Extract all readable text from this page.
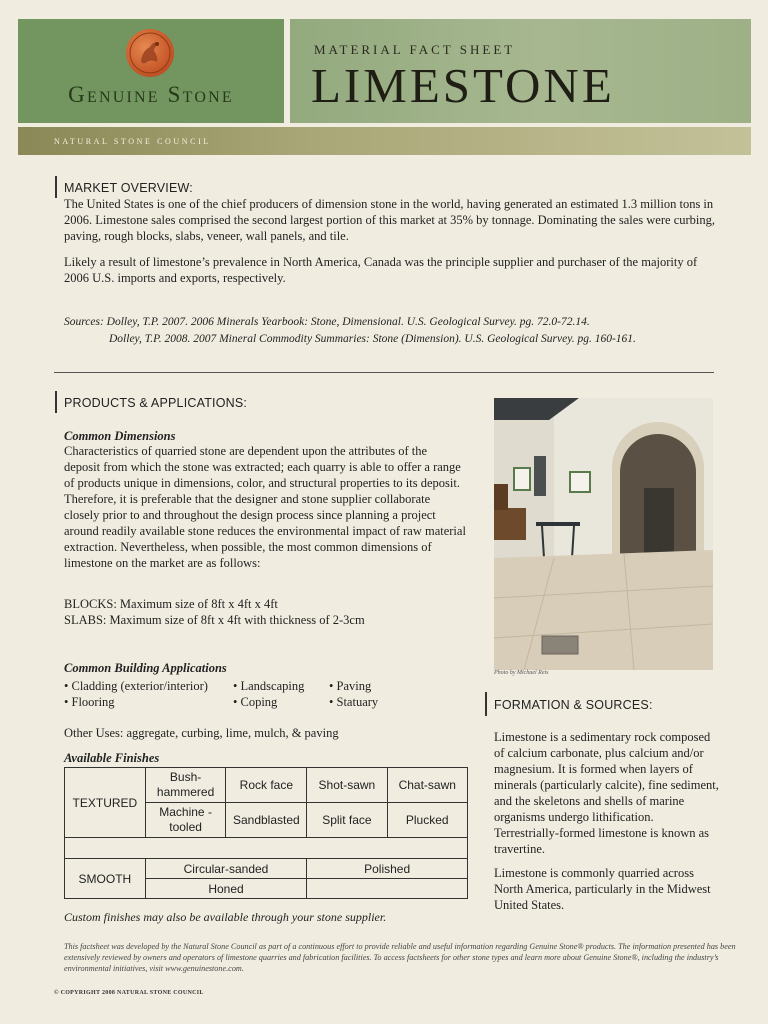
Genuine Stone
MATERIAL FACT SHEET
LIMESTONE
NATURAL STONE COUNCIL
MARKET OVERVIEW:
The United States is one of the chief producers of dimension stone in the world, having generated an estimated 1.3 million tons in 2006. Limestone sales comprised the second largest portion of this market at 35% by tonnage. Dominating the sales were curbing, paving, rough blocks, slabs, veneer, wall panels, and tile.
Likely a result of limestone’s prevalence in North America, Canada was the principle supplier and purchaser of the majority of 2006 U.S. imports and exports, respectively.
Sources: Dolley, T.P. 2007. 2006 Minerals Yearbook: Stone, Dimensional. U.S. Geological Survey. pg. 72.0-72.14.
Dolley, T.P. 2008. 2007 Mineral Commodity Summaries: Stone (Dimension). U.S. Geological Survey. pg. 160-161.
PRODUCTS & APPLICATIONS:
Common Dimensions
Characteristics of quarried stone are dependent upon the attributes of the deposit from which the stone was extracted; each quarry is able to offer a range of products unique in dimensions, color, and structural properties to its deposit. Therefore, it is preferable that the designer and stone supplier collaborate closely prior to and throughout the design process since planning a project around readily available stone reduces the environmental impact of raw material extraction. Nevertheless, when possible, the most common dimensions of limestone on the market are as follows:
BLOCKS: Maximum size of 8ft x 4ft x 4ft
SLABS: Maximum size of 8ft x 4ft with thickness of 2-3cm
Common Building Applications
• Cladding (exterior/interior) • Landscaping • Paving
• Flooring	• Coping	• Statuary
Other Uses: aggregate, curbing, lime, mulch, & paving
Available Finishes
TEXTURED	Bush-hammered	Rock face	Shot-sawn	Chat-sawn
	Machine -tooled	Sandblasted	Split face	Plucked

SMOOTH	Circular-sanded		Polished	
	Honed			
Custom finishes may also be available through your stone supplier.
Photo by Michael Reis
FORMATION & SOURCES:
Limestone is a sedimentary rock composed of calcium carbonate, plus calcium and/or magnesium. It is formed when layers of minerals (particularly calcite), fine sediment, and the skeletons and shells of marine organisms undergo lithification. Terrestrially-formed limestone is known as travertine.
Limestone is commonly quarried across North America, particularly in the Midwest United States.
This factsheet was developed by the Natural Stone Council as part of a continuous effort to provide reliable and useful information regarding Genuine Stone® products. The information presented has been extensively reviewed by owners and operators of limestone quarries and fabrication facilities. To access factsheets for other stone types and learn more about Genuine Stone®, including the industry’s environmental initiatives, visit www.genuinestone.com.
© COPYRIGHT 2008 NATURAL STONE COUNCIL
